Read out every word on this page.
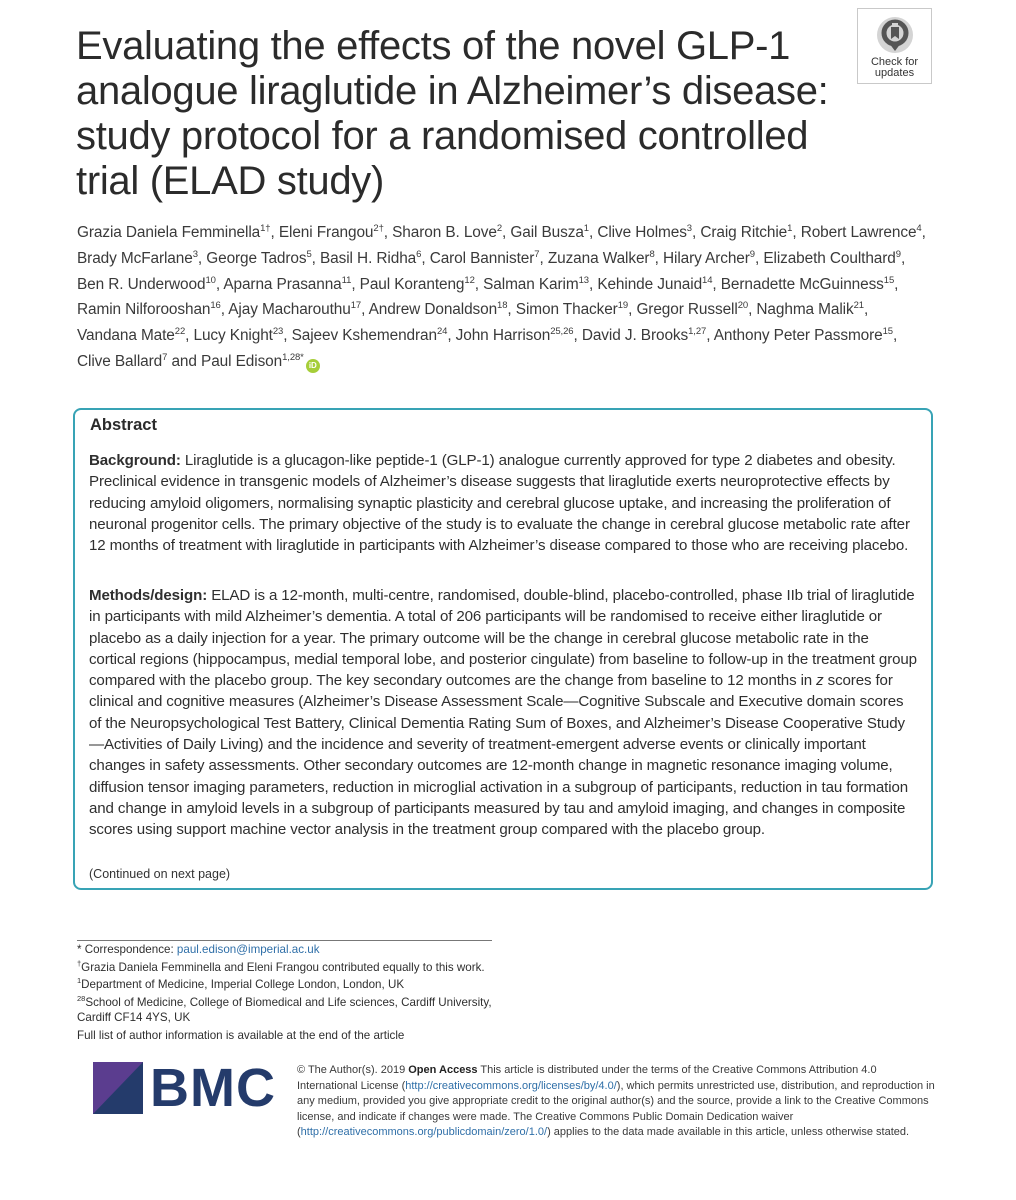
Evaluating the effects of the novel GLP-1
analogue liraglutide in Alzheimer’s disease:
study protocol for a randomised controlled
trial (ELAD study)
Check for
updates

Grazia Daniela Femminella$^{1\dagger}$, Eleni Frangou$^{2\dagger}$, Sharon B. Love$^2$, Gail Busza$^1$, Clive Holmes$^3$, Craig Ritchie$^1$, Robert Lawrence$^4$, Brady McFarlane$^3$, George Tadros$^5$, Basil H. Ridha$^6$, Carol Bannister$^7$, Zuzana Walker$^8$, Hilary Archer$^9$, Elizabeth Coulthard$^9$, Ben R. Underwood$^{10}$, Aparna Prasanna$^{11}$, Paul Koranteng$^{12}$, Salman Karim$^{13}$, Kehinde Junaid$^{14}$, Bernadette McGuinness$^{15}$, Ramin Nilforooshan$^{16}$, Ajay Macharouthu$^{17}$, Andrew Donaldson$^{18}$, Simon Thacker$^{19}$, Gregor Russell$^{20}$, Naghma Malik$^{21}$, Vandana Mate$^{22}$, Lucy Knight$^{23}$, Sajeev Kshemendran$^{24}$, John Harrison$^{25,26}$, David J. Brooks$^{1,27}$, Anthony Peter Passmore$^{15}$, Clive Ballard$^7$ and Paul Edison$^{1,28*}$iD

Abstract

Background: Liraglutide is a glucagon-like peptide-1 (GLP-1) analogue currently approved for type 2 diabetes and obesity. Preclinical evidence in transgenic models of Alzheimer’s disease suggests that liraglutide exerts neuroprotective effects by reducing amyloid oligomers, normalising synaptic plasticity and cerebral glucose uptake, and increasing the proliferation of neuronal progenitor cells. The primary objective of the study is to evaluate the change in cerebral glucose metabolic rate after 12 months of treatment with liraglutide in participants with Alzheimer’s disease compared to those who are receiving placebo.

Methods/design: ELAD is a 12-month, multi-centre, randomised, double-blind, placebo-controlled, phase IIb trial of liraglutide in participants with mild Alzheimer’s dementia. A total of 206 participants will be randomised to receive either liraglutide or placebo as a daily injection for a year. The primary outcome will be the change in cerebral glucose metabolic rate in the cortical regions (hippocampus, medial temporal lobe, and posterior cingulate) from baseline to follow-up in the treatment group compared with the placebo group. The key secondary outcomes are the change from baseline to 12 months in z scores for clinical and cognitive measures (Alzheimer’s Disease Assessment Scale—Cognitive Subscale and Executive domain scores of the Neuropsychological Test Battery, Clinical Dementia Rating Sum of Boxes, and Alzheimer’s Disease Cooperative Study—Activities of Daily Living) and the incidence and severity of treatment-emergent adverse events or clinically important changes in safety assessments. Other secondary outcomes are 12-month change in magnetic resonance imaging volume, diffusion tensor imaging parameters, reduction in microglial activation in a subgroup of participants, reduction in tau formation and change in amyloid levels in a subgroup of participants measured by tau and amyloid imaging, and changes in composite scores using support machine vector analysis in the treatment group compared with the placebo group.

(Continued on next page)

* Correspondence: paul.edison@imperial.ac.uk

†Grazia Daniela Femminella and Eleni Frangou contributed equally to this work.

$^1$Department of Medicine, Imperial College London, London, UK

$^{28}$School of Medicine, College of Biomedical and Life sciences, Cardiff University, Cardiff CF14 4YS, UK

Full list of author information is available at the end of the article

BMC © The Author(s). 2019 Open Access This article is distributed under the terms of the Creative Commons Attribution 4.0 International License (http://creativecommons.org/licenses/by/4.0/), which permits unrestricted use, distribution, and reproduction in any medium, provided you give appropriate credit to the original author(s) and the source, provide a link to the Creative Commons license, and indicate if changes were made. The Creative Commons Public Domain Dedication waiver (http://creativecommons.org/publicdomain/zero/1.0/) applies to the data made available in this article, unless otherwise stated.
